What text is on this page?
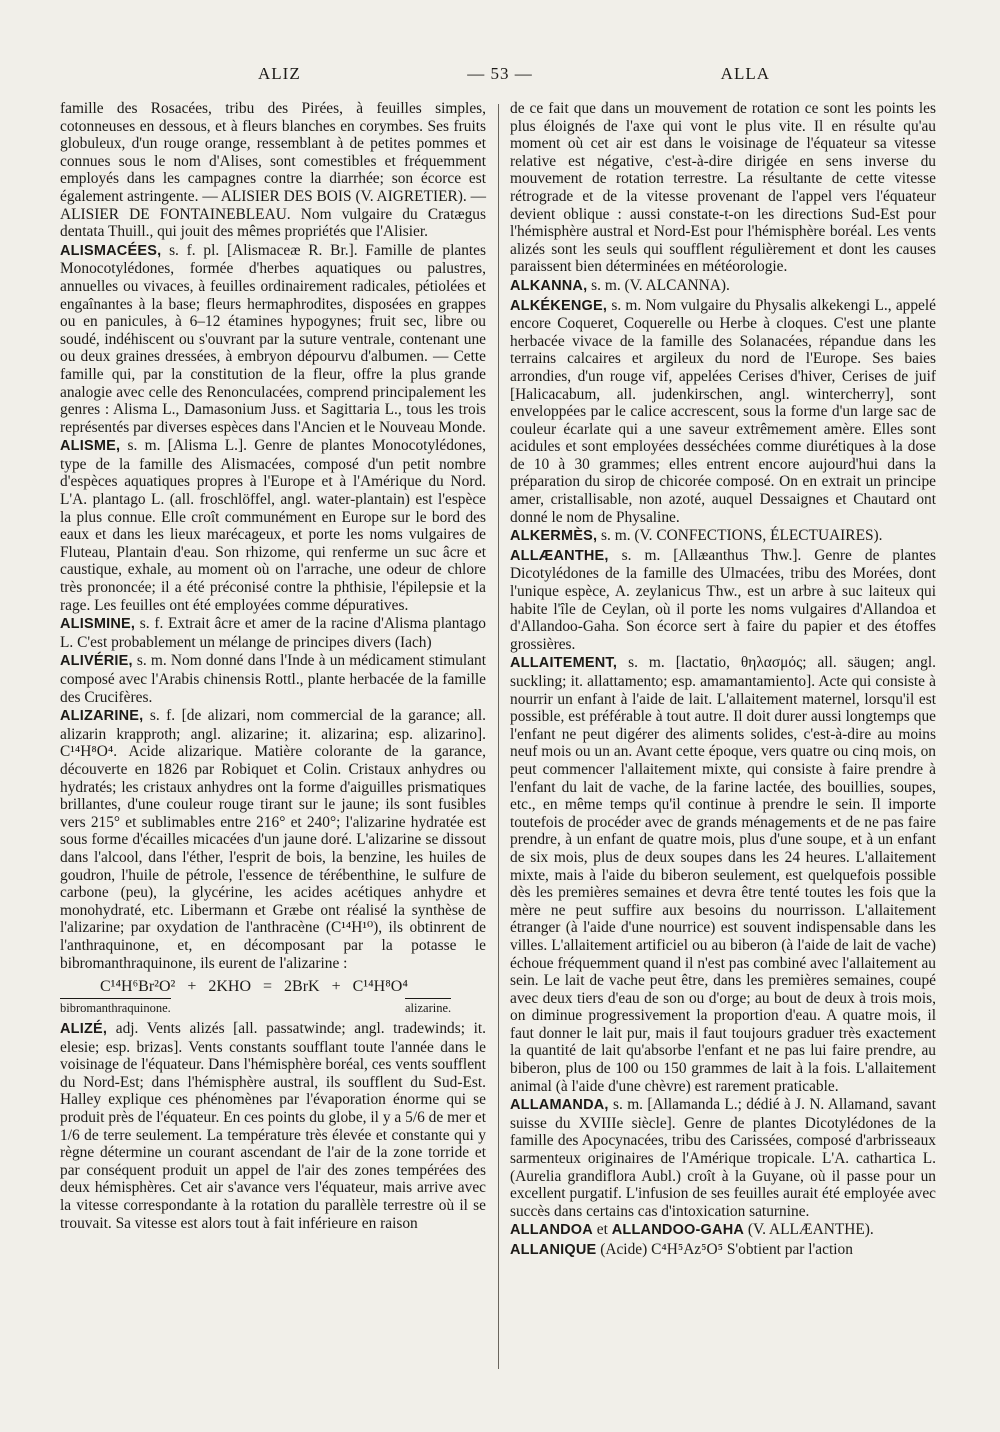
ALIZ	— 53 —	ALLA

famille des Rosacées, tribu des Pirées, à feuilles simples, cotonneuses en dessous, et à fleurs blanches en corymbes. Ses fruits globuleux, d'un rouge orange, ressemblant à de petites pommes et connues sous le nom d'Alises, sont comestibles et fréquemment employés dans les campagnes contre la diarrhée; son écorce est également astringente. — ALISIER DES BOIS (V. AIGRETIER). — ALISIER DE FONTAINEBLEAU. Nom vulgaire du Cratægus dentata Thuill., qui jouit des mêmes propriétés que l'Alisier.

ALISMACÉES, s. f. pl. [Alismaceæ R. Br.]. Famille de plantes Monocotylédones, formée d'herbes aquatiques ou palustres, annuelles ou vivaces, à feuilles ordinairement radicales, pétiolées et engaînantes à la base; fleurs hermaphrodites, disposées en grappes ou en panicules, à 6–12 étamines hypogynes; fruit sec, libre ou soudé, indéhiscent ou s'ouvrant par la suture ventrale, contenant une ou deux graines dressées, à embryon dépourvu d'albumen. — Cette famille qui, par la constitution de la fleur, offre la plus grande analogie avec celle des Renonculacées, comprend principalement les genres : Alisma L., Damasonium Juss. et Sagittaria L., tous les trois représentés par diverses espèces dans l'Ancien et le Nouveau Monde.

ALISME, s. m. [Alisma L.]. Genre de plantes Monocotylédones, type de la famille des Alismacées, composé d'un petit nombre d'espèces aquatiques propres à l'Europe et à l'Amérique du Nord. L'A. plantago L. (all. froschlöffel, angl. water-plantain) est l'espèce la plus connue. Elle croît communément en Europe sur le bord des eaux et dans les lieux marécageux, et porte les noms vulgaires de Fluteau, Plantain d'eau. Son rhizome, qui renferme un suc âcre et caustique, exhale, au moment où on l'arrache, une odeur de chlore très prononcée; il a été préconisé contre la phthisie, l'épilepsie et la rage. Les feuilles ont été employées comme dépuratives.

ALISMINE, s. f. Extrait âcre et amer de la racine d'Alisma plantago L. C'est probablement un mélange de principes divers (Iach)

ALIVÉRIE, s. m. Nom donné dans l'Inde à un médicament stimulant composé avec l'Arabis chinensis Rottl., plante herbacée de la famille des Crucifères.

ALIZARINE, s. f. [de alizari, nom commercial de la garance; all. alizarin krapproth; angl. alizarine; it. alizarina; esp. alizarino]. C¹⁴H⁸O⁴. Acide alizarique. Matière colorante de la garance, découverte en 1826 par Robiquet et Colin. Cristaux anhydres ou hydratés; les cristaux anhydres ont la forme d'aiguilles prismatiques brillantes, d'une couleur rouge tirant sur le jaune; ils sont fusibles vers 215° et sublimables entre 216° et 240°; l'alizarine hydratée est sous forme d'écailles micacées d'un jaune doré. L'alizarine se dissout dans l'alcool, dans l'éther, l'esprit de bois, la benzine, les huiles de goudron, l'huile de pétrole, l'essence de térébenthine, le sulfure de carbone (peu), la glycérine, les acides acétiques anhydre et monohydraté, etc. Libermann et Græbe ont réalisé la synthèse de l'alizarine; par oxydation de l'anthracène (C¹⁴H¹⁰), ils obtinrent de l'anthraquinone, et, en décomposant par la potasse le bibromanthraquinone, ils eurent de l'alizarine :

C¹⁴H⁶Br²O²   +   2KHO   =   2BrK   +   C¹⁴H⁸O⁴
bibromanthraquinone.	alizarine.

ALIZÉ, adj. Vents alizés [all. passatwinde; angl. tradewinds; it. elesie; esp. brizas]. Vents constants soufflant toute l'année dans le voisinage de l'équateur. Dans l'hémisphère boréal, ces vents soufflent du Nord-Est; dans l'hémisphère austral, ils soufflent du Sud-Est. Halley explique ces phénomènes par l'évaporation énorme qui se produit près de l'équateur. En ces points du globe, il y a 5/6 de mer et 1/6 de terre seulement. La température très élevée et constante qui y règne détermine un courant ascendant de l'air de la zone torride et par conséquent produit un appel de l'air des zones tempérées des deux hémisphères. Cet air s'avance vers l'équateur, mais arrive avec la vitesse correspondante à la rotation du parallèle terrestre où il se trouvait. Sa vitesse est alors tout à fait inférieure en raison

de ce fait que dans un mouvement de rotation ce sont les points les plus éloignés de l'axe qui vont le plus vite. Il en résulte qu'au moment où cet air est dans le voisinage de l'équateur sa vitesse relative est négative, c'est-à-dire dirigée en sens inverse du mouvement de rotation terrestre. La résultante de cette vitesse rétrograde et de la vitesse provenant de l'appel vers l'équateur devient oblique : aussi constate-t-on les directions Sud-Est pour l'hémisphère austral et Nord-Est pour l'hémisphère boréal. Les vents alizés sont les seuls qui soufflent régulièrement et dont les causes paraissent bien déterminées en météorologie.

ALKANNA, s. m. (V. ALCANNA).

ALKÉKENGE, s. m. Nom vulgaire du Physalis alkekengi L., appelé encore Coqueret, Coquerelle ou Herbe à cloques. C'est une plante herbacée vivace de la famille des Solanacées, répandue dans les terrains calcaires et argileux du nord de l'Europe. Ses baies arrondies, d'un rouge vif, appelées Cerises d'hiver, Cerises de juif [Halicacabum, all. judenkirschen, angl. wintercherry], sont enveloppées par le calice accrescent, sous la forme d'un large sac de couleur écarlate qui a une saveur extrêmement amère. Elles sont acidules et sont employées desséchées comme diurétiques à la dose de 10 à 30 grammes; elles entrent encore aujourd'hui dans la préparation du sirop de chicorée composé. On en extrait un principe amer, cristallisable, non azoté, auquel Dessaignes et Chautard ont donné le nom de Physaline.

ALKERMÈS, s. m. (V. CONFECTIONS, ÉLECTUAIRES).

ALLÆANTHE, s. m. [Allæanthus Thw.]. Genre de plantes Dicotylédones de la famille des Ulmacées, tribu des Morées, dont l'unique espèce, A. zeylanicus Thw., est un arbre à suc laiteux qui habite l'île de Ceylan, où il porte les noms vulgaires d'Allandoa et d'Allandoo-Gaha. Son écorce sert à faire du papier et des étoffes grossières.

ALLAITEMENT, s. m. [lactatio, θηλασμός; all. säugen; angl. suckling; it. allattamento; esp. amamantamiento]. Acte qui consiste à nourrir un enfant à l'aide de lait. L'allaitement maternel, lorsqu'il est possible, est préférable à tout autre. Il doit durer aussi longtemps que l'enfant ne peut digérer des aliments solides, c'est-à-dire au moins neuf mois ou un an. Avant cette époque, vers quatre ou cinq mois, on peut commencer l'allaitement mixte, qui consiste à faire prendre à l'enfant du lait de vache, de la farine lactée, des bouillies, soupes, etc., en même temps qu'il continue à prendre le sein. Il importe toutefois de procéder avec de grands ménagements et de ne pas faire prendre, à un enfant de quatre mois, plus d'une soupe, et à un enfant de six mois, plus de deux soupes dans les 24 heures. L'allaitement mixte, mais à l'aide du biberon seulement, est quelquefois possible dès les premières semaines et devra être tenté toutes les fois que la mère ne peut suffire aux besoins du nourrisson. L'allaitement étranger (à l'aide d'une nourrice) est souvent indispensable dans les villes. L'allaitement artificiel ou au biberon (à l'aide de lait de vache) échoue fréquemment quand il n'est pas combiné avec l'allaitement au sein. Le lait de vache peut être, dans les premières semaines, coupé avec deux tiers d'eau de son ou d'orge; au bout de deux à trois mois, on diminue progressivement la proportion d'eau. A quatre mois, il faut donner le lait pur, mais il faut toujours graduer très exactement la quantité de lait qu'absorbe l'enfant et ne pas lui faire prendre, au biberon, plus de 100 ou 150 grammes de lait à la fois. L'allaitement animal (à l'aide d'une chèvre) est rarement praticable.

ALLAMANDA, s. m. [Allamanda L.; dédié à J. N. Allamand, savant suisse du XVIIIe siècle]. Genre de plantes Dicotylédones de la famille des Apocynacées, tribu des Carissées, composé d'arbrisseaux sarmenteux originaires de l'Amérique tropicale. L'A. cathartica L. (Aurelia grandiflora Aubl.) croît à la Guyane, où il passe pour un excellent purgatif. L'infusion de ses feuilles aurait été employée avec succès dans certains cas d'intoxication saturnine.

ALLANDOA et ALLANDOO-GAHA (V. ALLÆANTHE).

ALLANIQUE (Acide) C⁴H⁵Az⁵O⁵ S'obtient par l'action
